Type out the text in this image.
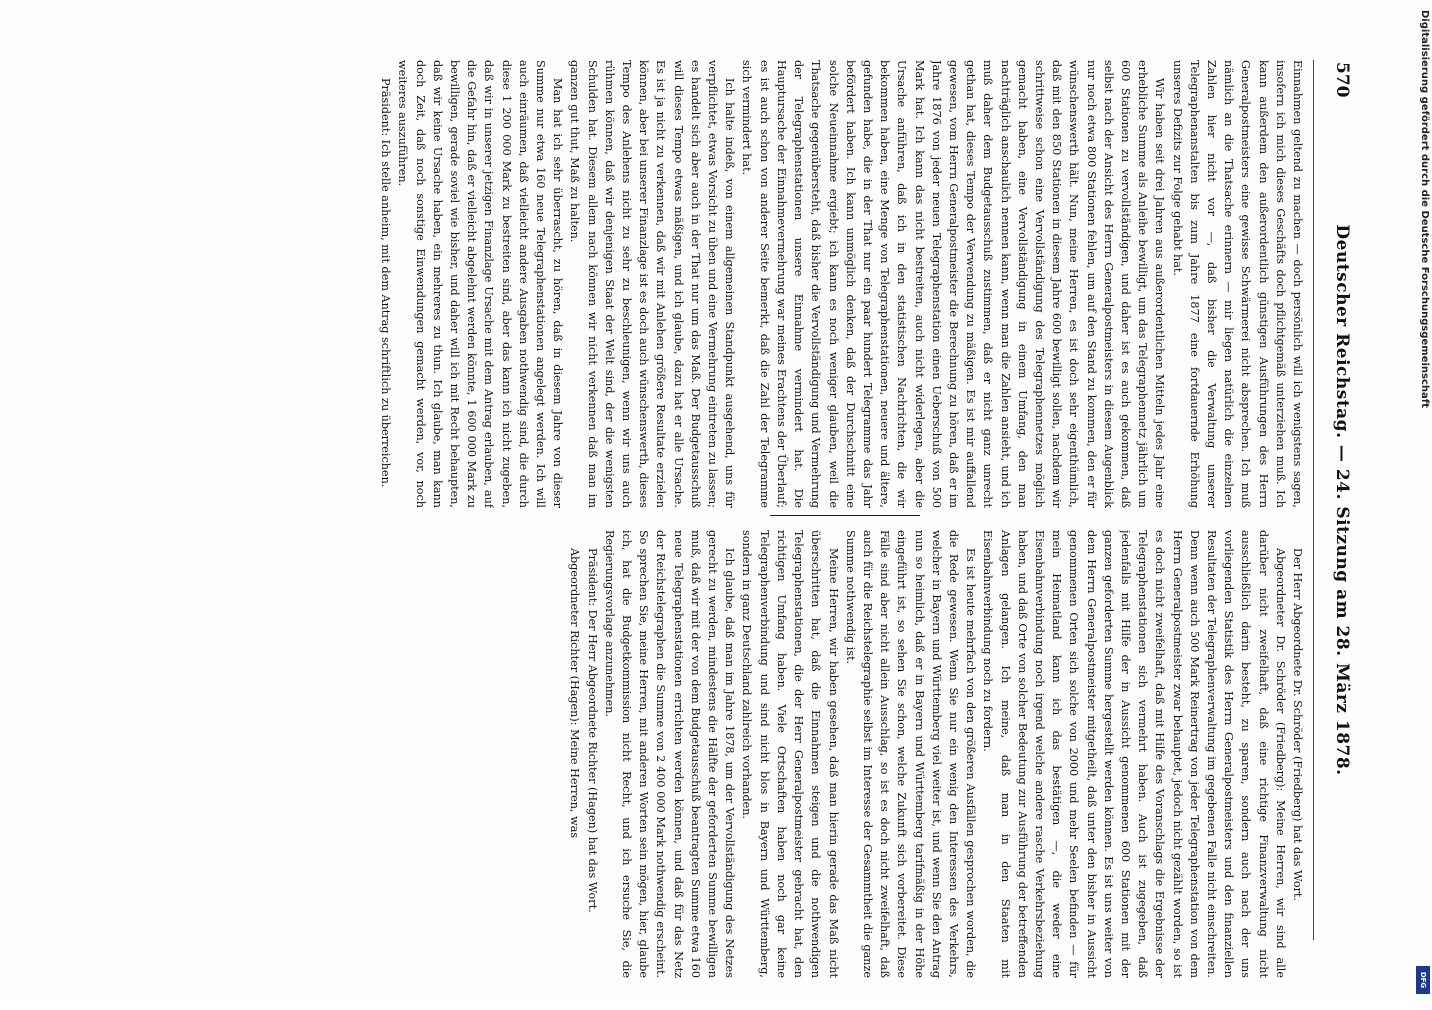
570
Deutscher Reichstag. — 24. Sitzung am 28. März 1878.

Einnahmen geltend zu machen — doch persönlich will ich wenigstens sagen, insofern ich mich dieses Geschäfts doch pflichtgemäß unterziehen muß. Ich kann außerdem den außerordentlich günstigen Ausführungen des Herrn Generalpostmeisters eine gewisse Schwärmerei nicht absprechen. Ich muß nämlich an die Thatsache erinnern — mir liegen natürlich die einzelnen Zahlen hier nicht vor —, daß bisher die Verwaltung unserer Telegraphenanstalten bis zum Jahre 1877 eine fortdauernde Erhöhung unseres Defizits zur Folge gehabt hat.

Wir haben seit drei Jahren aus außerordentlichen Mitteln jedes Jahr eine erhebliche Summe als Anleihe bewilligt, um das Telegraphennetz jährlich um 600 Stationen zu vervollständigen, und daher ist es auch gekommen, daß selbst nach der Ansicht des Herrn Generalpostmeisters in diesem Augenblick nur noch etwa 800 Stationen fehlen, um auf den Stand zu kommen, den er für wünschenswerth hält. Nun, meine Herren, es ist doch sehr eigenthümlich, daß mit den 850 Stationen in diesem Jahre 600 bewilligt sollen, nachdem wir schrittweise schon eine Vervollständigung des Telegraphennetzes möglich gemacht haben, eine Vervollständigung in einem Umfang, den man nachträglich anschaulich nennen kann, wenn man die Zahlen ansieht, und ich muß daher dem Budgetausschuß zustimmen, daß er nicht ganz unrecht gethan hat, dieses Tempo der Verwendung zu mäßigen. Es ist mir auffallend gewesen, vom Herrn Generalpostmeister die Berechnung zu hören, daß er im Jahre 1876 von jeder neuen Telegraphenstation einen Ueberschuß von 500 Mark hat. Ich kann das nicht bestreiten, auch nicht widerlegen, aber die Ursache anführen, daß ich in den statistischen Nachrichten, die wir bekommen haben, eine Menge von Telegraphenstationen, neuere und ältere, gefunden habe, die in der That nur ein paar hundert Telegramme das Jahr befördert haben. Ich kann unmöglich denken, daß der Durchschnitt eine solche Neueinnahme ergiebt; ich kann es noch weniger glauben, weil die Thatsache gegenübersteht, daß bisher die Vervollständigung und Vermehrung der Telegraphenstationen unsere Einnahme vermindert hat. Die Hauptursache der Einnahmevermehrung war meines Erachtens der Überlauf; es ist auch schon von anderer Seite bemerkt, daß die Zahl der Telegramme sich vermindert hat.

Ich halte indeß, von einem allgemeinen Standpunkt ausgehend, uns für verpflichtet, etwas Vorsicht zu üben und eine Vermehrung eintreten zu lassen; es handelt sich aber auch in der That nur um das Maß. Der Budgetausschuß will dieses Tempo etwas mäßigen, und ich glaube, dazu hat er alle Ursache. Es ist ja nicht zu verkennen, daß wir mit Anlehen größere Resultate erzielen können, aber bei unserer Finanzlage ist es doch auch wünschenswerth, dieses Tempo des Anlehens nicht zu sehr zu beschleunigen, wenn wir uns auch rühmen können, daß wir denjenigen Staat der Welt sind, der die wenigsten Schulden hat. Diesem allem nach können wir nicht verkennen daß man im ganzen gut thut, Maß zu halten.

Man hat ich sehr überrascht, zu hören, daß in diesem Jahre von dieser Summe nur etwa 160 neue Telegraphenstationen angelegt werden. Ich will auch einräumen, daß vielleicht andere Ausgaben nothwendig sind, die durch diese 1 200 000 Mark zu bestreiten sind, aber das kann ich nicht zugeben, daß wir in unserer jetzigen Finanzlage Ursache mit dem Antrag erlauben, auf die Gefahr hin, daß er vielleicht abgelehnt werden könnte, 1 600 000 Mark zu bewilligen, gerade soviel wie bisher, und daher will ich mit Recht behaupten, daß wir keine Ursache haben, ein mehreres zu thun. Ich glaube, man kann doch Zeit, daß noch sonstige Einwendungen gemacht werden, vor, noch weiteres auszuführen.

Präsident: Ich stelle anheim, mit dem Antrag schriftlich zu überreichen.

Der Herr Abgeordnete Dr. Schröder (Friedberg) hat das Wort.

Abgeordneter Dr. Schröder (Friedberg): Meine Herren, wir sind alle darüber nicht zweifelhaft, daß eine richtige Finanzverwaltung nicht ausschließlich darin besteht, zu sparen, sondern auch nach der uns vorliegenden Statistik des Herrn Generalpostmeisters und den finanziellen Resultaten der Telegraphenverwaltung im gegebenen Falle nicht einschreiten. Denn wenn auch 500 Mark Reinertrag von jeder Telegraphenstation von dem Herrn Generalpostmeister zwar behauptet, jedoch nicht gezählt worden, so ist es doch nicht zweifelhaft, daß mit Hilfe des Voranschlags die Ergebnisse der Telegraphenstationen sich vermehrt haben. Auch ist zugegeben, daß jedenfalls mit Hilfe der in Aussicht genommenen 600 Stationen mit der ganzen geforderten Summe hergestellt werden können. Es ist uns weiter von dem Herrn Generalpostmeister mitgetheilt, daß unter den bisher in Aussicht genommenen Orten sich solche von 2000 und mehr Seelen befinden — für mein Heimatland kann ich das bestätigen —, die weder eine Eisenbahnverbindung noch irgend welche andere rasche Verkehrsbeziehung haben, und daß Orte von solcher Bedeutung zur Ausführung der betreffenden Anlagen gelangen. Ich meine, daß man in den Staaten mit Eisenbahnverbindung noch zu fordern.

Es ist heute mehrfach von den größeren Ausfällen gesprochen worden, die die Rede gewesen. Wenn Sie nur ein wenig den Interessen des Verkehrs, welcher in Bayern und Württemberg viel weiter ist, und wenn Sie den Antrag nun so heimlich, daß er in Bayern und Württemberg tarifmäßig in der Höhe eingeführt ist, so sehen Sie schon, welche Zukunft sich vorbereitet. Diese Fälle sind aber nicht allein Ausschlag, so ist es doch nicht zweifelhaft, daß auch für die Reichstelegraphie selbst im Interesse der Gesammtheit die ganze Summe nothwendig ist.

Meine Herren, wir haben gesehen, daß man hierin gerade das Maß nicht überschritten hat, daß die Einnahmen steigen und die nothwendigen Telegraphenstationen, die der Herr Generalpostmeister gebracht hat, den richtigen Umfang haben. Viele Ortschaften haben noch gar keine Telegraphenverbindung und sind nicht blos in Bayern und Württemberg, sondern in ganz Deutschland zahlreich vorhanden.

Ich glaube, daß man im Jahre 1878, um der Vervollständigung des Netzes gerecht zu werden, mindestens die Hälfte der geforderten Summe bewilligen muß, daß wir mit der von dem Budgetausschuß beantragten Summe etwa 160 neue Telegraphenstationen errichten werden können, und daß für das Netz der Reichstelegraphen die Summe von 2 400 000 Mark nothwendig erscheint. So sprechen Sie, meine Herren, mit anderen Worten sein mögen, hier, glaube ich, hat die Budgetkommission nicht Recht, und ich ersuche Sie, die Regierungsvorlage anzunehmen.

Präsident: Der Herr Abgeordnete Richter (Hagen) hat das Wort.

Abgeordneter Richter (Hagen): Meine Herren, was

Digitalisierung gefördert durch die Deutsche Forschungsgemeinschaft
DFG
